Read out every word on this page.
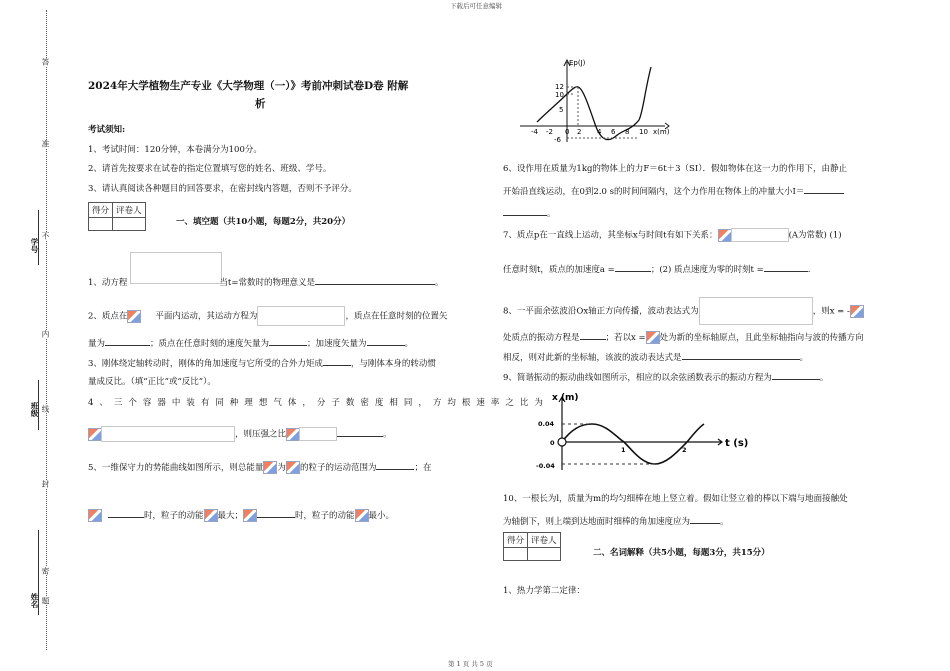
下载后可任意编辑
第 1 页 共 5 页
答
准
不
内
线
封
密
题
学号
班级
姓名
2024年大学植物生产专业《大学物理（一）》考前冲刺试卷D卷 附解
析
考试须知:
1、考试时间：120分钟，本卷满分为100分。
2、请首先按要求在试卷的指定位置填写您的姓名、班级、学号。
3、请认真阅读各种题目的回答要求，在密封线内答题，否则不予评分。
得分	评卷人

一、填空题（共10小题，每题2分，共20分）
1、动方程	当t=常数时的物理意义是	。
2、质点在	平面内运动，其运动方程为	，质点在任意时刻的位置矢
量为	；质点在任意时刻的速度矢量为	；加速度矢量为	。
3、刚体绕定轴转动时，刚体的角加速度与它所受的合外力矩成	，与刚体本身的转动惯
量成反比。（填“正比”或“反比”）。
4、三个容器中装有同种理想气体，分子数密度相同，方均根速率之比为
，则压强之比	。
5、一维保守力的势能曲线如图所示，则总能量 为 的粒子的运动范围为	；在
时，粒子的动能 最大；	时，粒子的动能 最小。
Ep(J)
x(m)
12
10
5
-6
-4 -2 0 2 4 6 8 10
6、设作用在质量为1kg的物体上的力F＝6t＋3（SI）．假如物体在这一力的作用下，由静止
开始沿直线运动，在0到2.0 s的时间间隔内，这个力作用在物体上的冲量大小I＝
。
7、质点p在一直线上运动，其坐标x与时间t有如下关系：	(A为常数) (1)
任意时刻t，质点的加速度a =	；(2) 质点速度为零的时刻t =	.
8、一平面余弦波沿Ox轴正方向传播，波动表达式为	，则x = -
处质点的振动方程是	；若以x = 处为新的坐标轴原点，且此坐标轴指向与波的传播方向
相反，则对此新的坐标轴，该波的波动表达式是	。
9、简谐振动的振动曲线如图所示，相应的以余弦函数表示的振动方程为	。
x (m)
t (s)
0.04
0
-0.04
1	2
10、一根长为l，质量为m的均匀细棒在地上竖立着。假如让竖立着的棒以下端与地面接触处
为轴倒下，则上端到达地面时细棒的角加速度应为	。
得分	评卷人

二、名词解释（共5小题，每题3分，共15分）
1、热力学第二定律：
